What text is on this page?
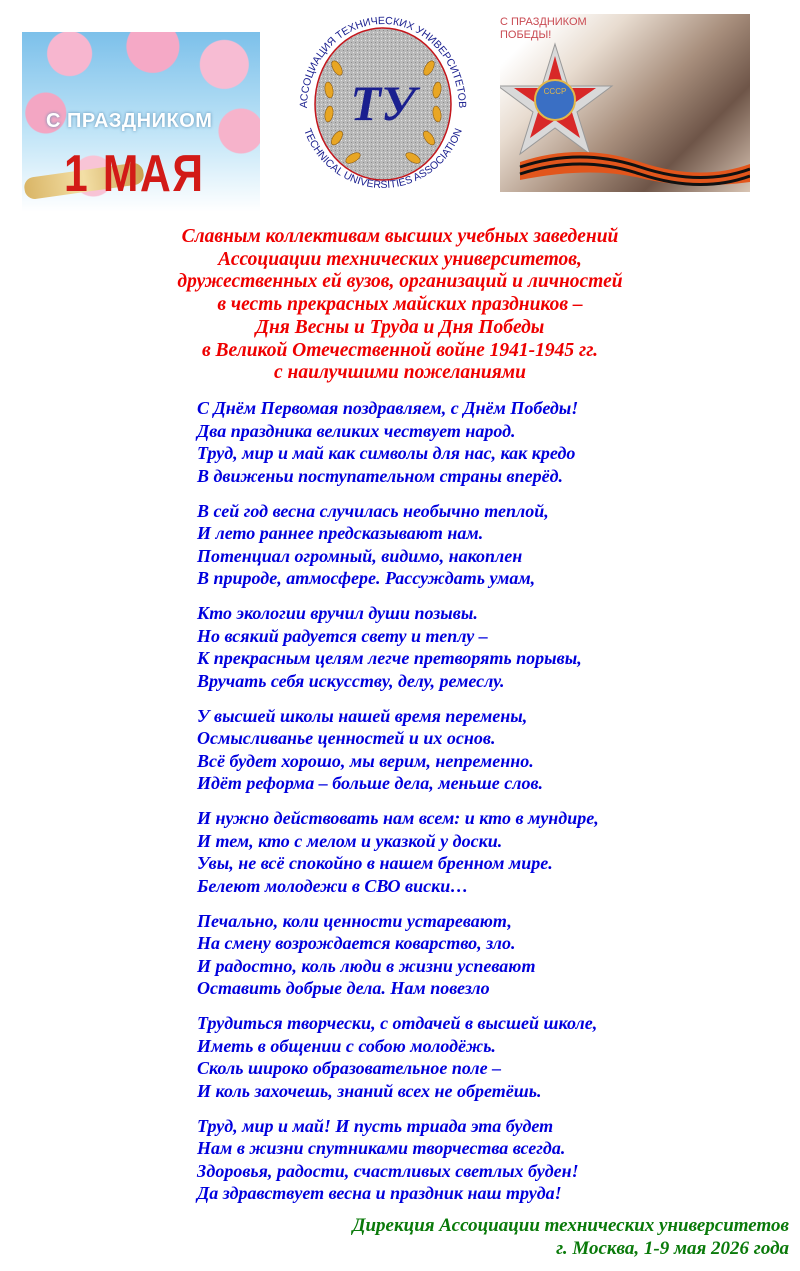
С ПРАЗДНИКОМ
1 МАЯ
ТУ
АССОЦИАЦИЯ ТЕХНИЧЕСКИХ УНИВЕРСИТЕТОВ
TECHNICAL UNIVERSITIES ASSOCIATION
С ПРАЗДНИКОМ
ПОБЕДЫ!
СССР
Славным коллективам высших учебных заведений
Ассоциации технических университетов,
дружественных ей вузов, организаций и личностей
в честь прекрасных майских праздников –
Дня Весны и Труда и Дня Победы
в Великой Отечественной войне 1941-1945 гг.
с наилучшими пожеланиями
С Днём Первомая поздравляем, с Днём Победы!
Два праздника великих чествует народ.
Труд, мир и май как символы для нас, как кредо
В движеньи поступательном страны вперёд.
В сей год весна случилась необычно теплой,
И лето раннее предсказывают нам.
Потенциал огромный, видимо, накоплен
В природе, атмосфере. Рассуждать умам,
Кто экологии вручил души позывы.
Но всякий радуется свету и теплу –
К прекрасным целям легче претворять порывы,
Вручать себя искусству, делу, ремеслу.
У высшей школы нашей время перемены,
Осмысливанье ценностей и их основ.
Всё будет хорошо, мы верим, непременно.
Идёт реформа – больше дела, меньше слов.
И нужно действовать нам всем: и кто в мундире,
И тем, кто с мелом и указкой у доски.
Увы, не всё спокойно в нашем бренном мире.
Белеют молодежи в СВО виски…
Печально, коли ценности устаревают,
На смену возрождается коварство, зло.
И радостно, коль люди в жизни успевают
Оставить добрые дела. Нам повезло
Трудиться творчески, с отдачей в высшей школе,
Иметь в общении с собою молодёжь.
Сколь широко образовательное поле –
И коль захочешь, знаний всех не обретёшь.
Труд, мир и май! И пусть триада эта будет
Нам в жизни спутниками творчества всегда.
Здоровья, радости, счастливых светлых буден!
Да здравствует весна и праздник наш труда!
Дирекция Ассоциации технических университетов
г. Москва, 1-9 мая 2026 года
